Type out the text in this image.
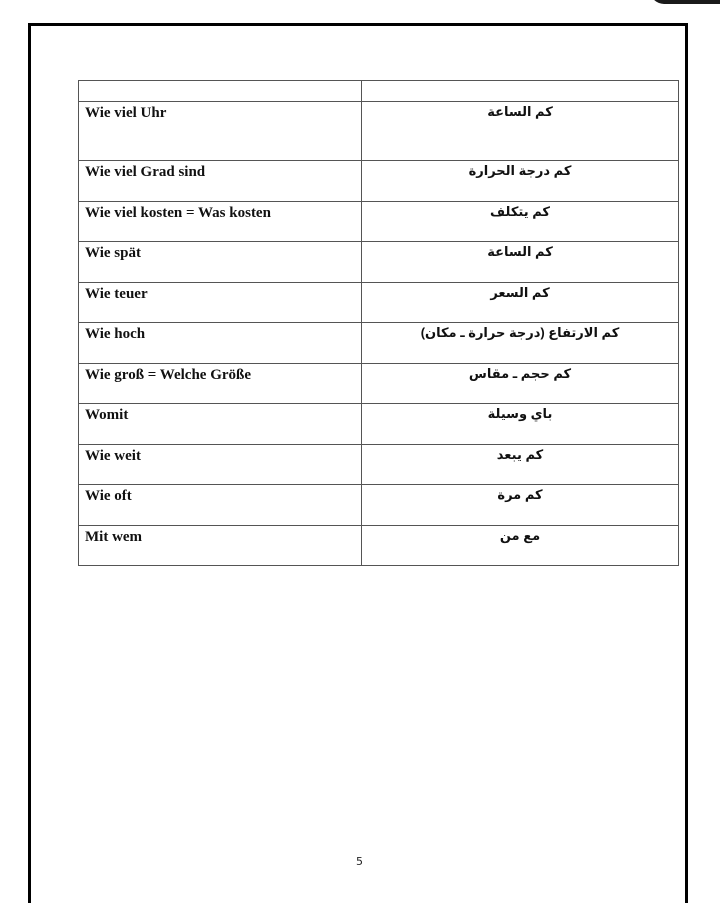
Wie viel Uhr	كم الساعة
Wie viel Grad sind	كم درجة الحرارة
Wie viel kosten = Was kosten	كم يتكلف
Wie spät	كم الساعة
Wie teuer	كم السعر
Wie hoch	كم الارتفاع (درجة حرارة ـ مكان)
Wie groß = Welche Größe	كم حجم ـ مقاس
Womit	باي وسيلة
Wie weit	كم يبعد
Wie oft	كم مرة
Mit wem	مع من
5
